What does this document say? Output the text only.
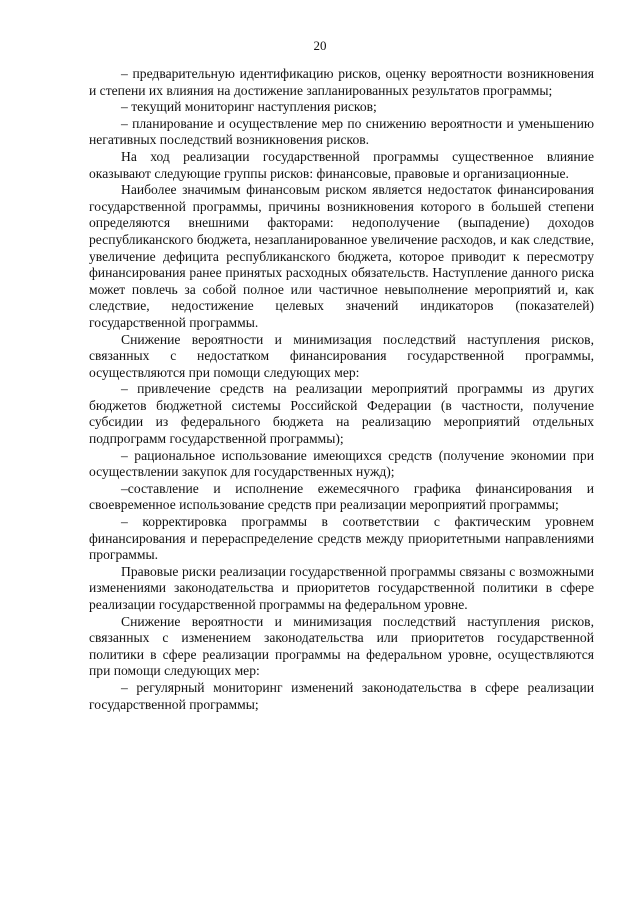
20

– предварительную идентификацию рисков, оценку вероятности возникновения и степени их влияния на достижение запланированных результатов программы;

– текущий мониторинг наступления рисков;

– планирование и осуществление мер по снижению вероятности и уменьшению негативных последствий возникновения рисков.

На ход реализации государственной программы существенное влияние оказывают следующие группы рисков: финансовые, правовые и организационные.

Наиболее значимым финансовым риском является недостаток финансирования государственной программы, причины возникновения которого в большей степени определяются внешними факторами: недополучение (выпадение) доходов республиканского бюджета, незапланированное увеличение расходов, и как следствие, увеличение дефицита республиканского бюджета, которое приводит к пересмотру финансирования ранее принятых расходных обязательств. Наступление данного риска может повлечь за собой полное или частичное невыполнение мероприятий и, как следствие, недостижение целевых значений индикаторов (показателей) государственной программы.

Снижение вероятности и минимизация последствий наступления рисков, связанных с недостатком финансирования государственной программы, осуществляются при помощи следующих мер:

– привлечение средств на реализации мероприятий программы из других бюджетов бюджетной системы Российской Федерации (в частности, получение субсидии из федерального бюджета на реализацию мероприятий отдельных подпрограмм государственной программы);

– рациональное использование имеющихся средств (получение экономии при осуществлении закупок для государственных нужд);

–составление и исполнение ежемесячного графика финансирования и своевременное использование средств при реализации мероприятий программы;

– корректировка программы в соответствии с фактическим уровнем финансирования и перераспределение средств между приоритетными направлениями программы.

Правовые риски реализации государственной программы связаны с возможными изменениями законодательства и приоритетов государственной политики в сфере реализации государственной программы на федеральном уровне.

Снижение вероятности и минимизация последствий наступления рисков, связанных с изменением законодательства или приоритетов государственной политики в сфере реализации программы на федеральном уровне, осуществляются при помощи следующих мер:

– регулярный мониторинг изменений законодательства в сфере реализации государственной программы;
